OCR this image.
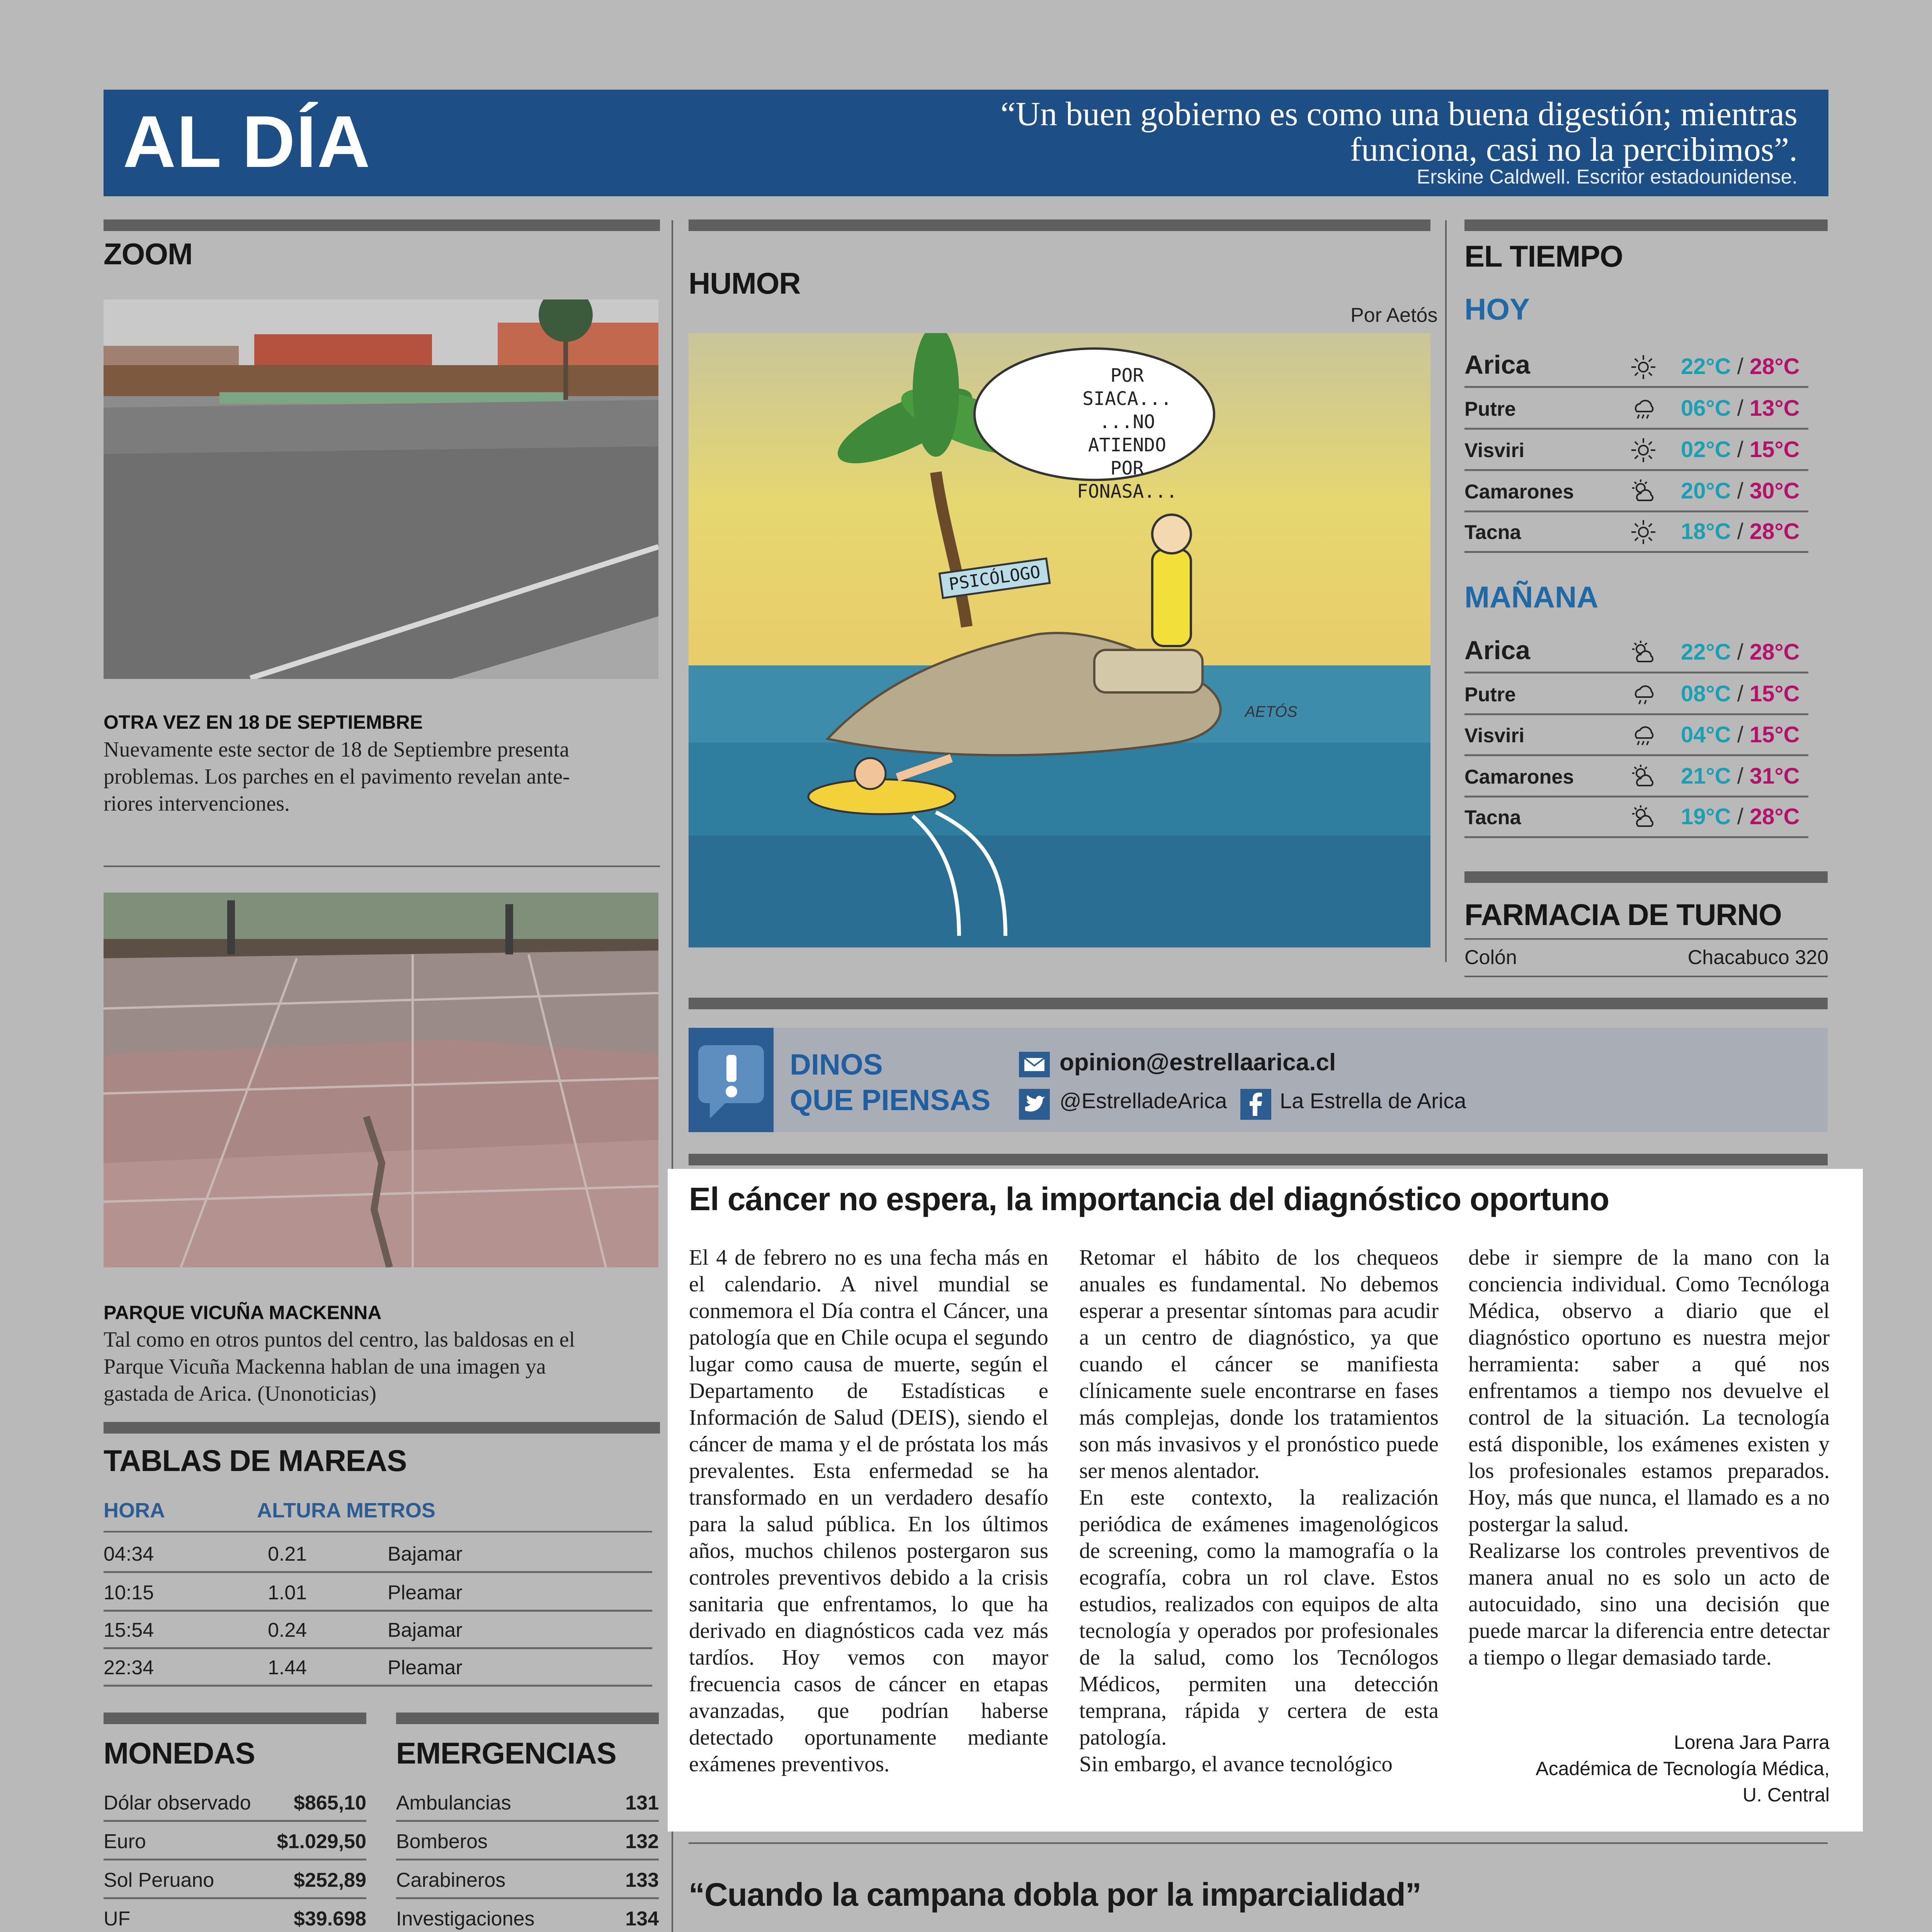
AL DÍA	“Un buen gobierno es como una buena digestión; mientras
funciona, casi no la percibimos”.
Erskine Caldwell. Escritor estadounidense.
ZOOM
OTRA VEZ EN 18 DE SEPTIEMBRE
Nuevamente este sector de 18 de Septiembre presenta
problemas. Los parches en el pavimento revelan ante-
riores intervenciones.
PARQUE VICUÑA MACKENNA
Tal como en otros puntos del centro, las baldosas en el
Parque Vicuña Mackenna hablan de una imagen ya
gastada de Arica. (Unonoticias)
TABLAS DE MAREAS
HORA	ALTURA METROS
04:34	0.21	Bajamar
10:15	1.01	Pleamar
15:54	0.24	Bajamar
22:34	1.44	Pleamar
MONEDAS	EMERGENCIAS
Dólar observado $865,10
Euro	$1.029,50
Sol Peruano	$252,89
UF	$39.698
Ambulancias	131
Bomberos	132
Carabineros	133
Investigaciones	134
HUMOR
Por Aetós
POR SIACA...
...NO ATIENDO
POR FONASA...
PSICÓLOGO
AETÓS
EL TIEMPO
HOY
Arica	22°C / 28°C
Putre	06°C / 13°C
Visviri	02°C / 15°C
Camarones	20°C / 30°C
Tacna	18°C / 28°C
MAÑANA
Arica	22°C / 28°C
Putre	08°C / 15°C
Visviri	04°C / 15°C
Camarones	21°C / 31°C
Tacna	19°C / 28°C
FARMACIA DE TURNO
Colón	Chacabuco 320
DINOS
QUE PIENSAS
opinion@estrellaarica.cl
@EstrelladeArica La Estrella de Arica
El cáncer no espera, la importancia del diagnóstico oportuno

El 4 de febrero no es una fecha más en el calendario. A nivel mundial se conmemora el Día contra el Cáncer, una patología que en Chile ocupa el segundo lugar como causa de muerte, según el Departamento de Estadísticas e Información de Salud (DEIS), siendo el cáncer de mama y el de próstata los más prevalentes. Esta enfermedad se ha transformado en un verdadero desafío para la salud pública. En los últimos años, muchos chilenos postergaron sus controles preventivos debido a la crisis sanitaria que enfrentamos, lo que ha derivado en diagnósticos cada vez más tardíos. Hoy vemos con mayor frecuencia casos de cáncer en etapas avanzadas, que podrían haberse detectado oportunamente mediante exámenes preventivos.

Retomar el hábito de los chequeos anuales es fundamental. No debemos esperar a presentar síntomas para acudir a un centro de diagnóstico, ya que cuando el cáncer se manifiesta clínicamente suele encontrarse en fases más complejas, donde los tratamientos son más invasivos y el pronóstico puede ser menos alentador.

En este contexto, la realización periódica de exámenes imagenológicos de screening, como la mamografía o la ecografía, cobra un rol clave. Estos estudios, realizados con equipos de alta tecnología y operados por profesionales de la salud, como los Tecnólogos Médicos, permiten una detección temprana, rápida y certera de esta patología.

Sin embargo, el avance tecnológico

debe ir siempre de la mano con la conciencia individual. Como Tecnóloga Médica, observo a diario que el diagnóstico oportuno es nuestra mejor herramienta: saber a qué nos enfrentamos a tiempo nos devuelve el control de la situación. La tecnología está disponible, los exámenes existen y los profesionales estamos preparados. Hoy, más que nunca, el llamado es a no postergar la salud.

Realizarse los controles preventivos de manera anual no es solo un acto de autocuidado, sino una decisión que puede marcar la diferencia entre detectar a tiempo o llegar demasiado tarde.

Lorena Jara Parra
Académica de Tecnología Médica,
U. Central
“Cuando la campana dobla por la imparcialidad”
